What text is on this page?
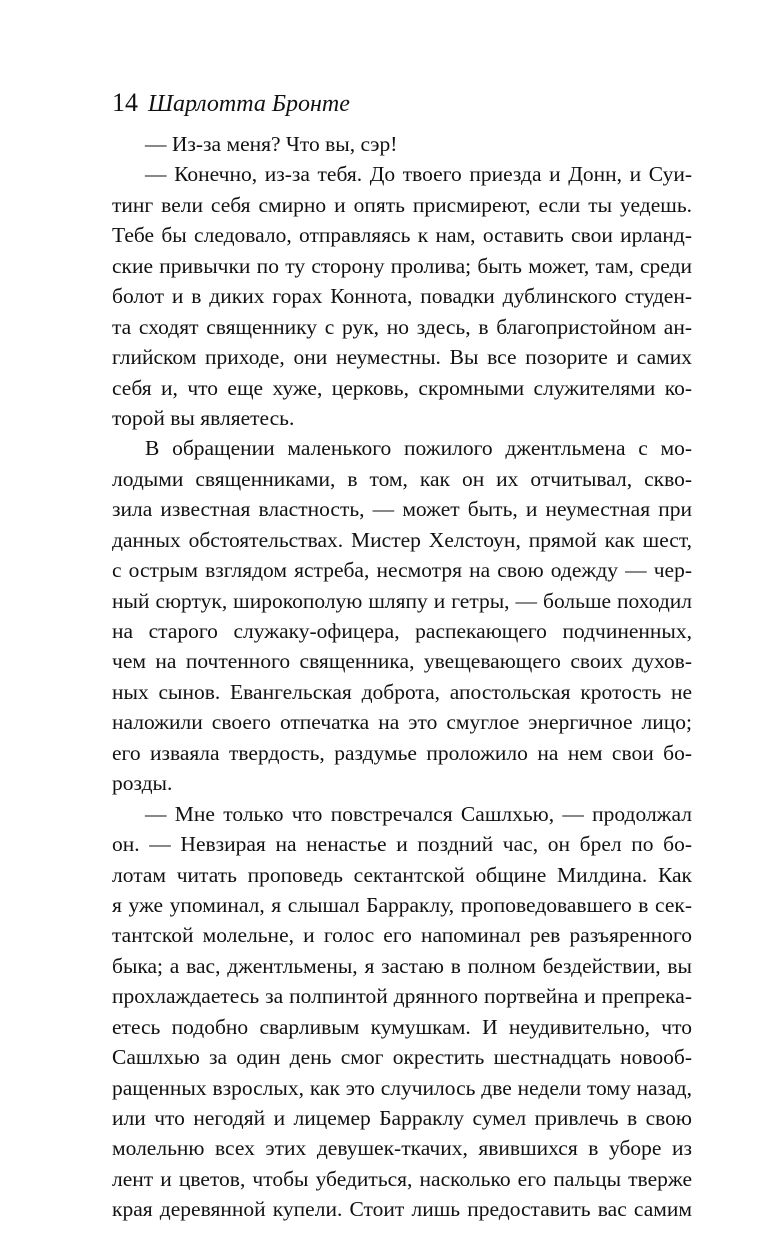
14 Шарлотта Бронте
— Из-за меня? Что вы, сэр!
— Конечно, из-за тебя. До твоего приезда и Донн, и Суи-
тинг вели себя смирно и опять присмиреют, если ты уедешь.
Тебе бы следовало, отправляясь к нам, оставить свои ирланд-
ские привычки по ту сторону пролива; быть может, там, среди
болот и в диких горах Коннота, повадки дублинского студен-
та сходят священнику с рук, но здесь, в благопристойном ан-
глийском приходе, они неуместны. Вы все позорите и самих
себя и, что еще хуже, церковь, скромными служителями ко-
торой вы являетесь.
В обращении маленького пожилого джентльмена с мо-
лодыми священниками, в том, как он их отчитывал, скво-
зила известная властность, — может быть, и неуместная при
данных обстоятельствах. Мистер Хелстоун, прямой как шест,
с острым взглядом ястреба, несмотря на свою одежду — чер-
ный сюртук, широкополую шляпу и гетры, — больше походил
на старого служаку-офицера, распекающего подчиненных,
чем на почтенного священника, увещевающего своих духов-
ных сынов. Евангельская доброта, апостольская кротость не
наложили своего отпечатка на это смуглое энергичное лицо;
его изваяла твердость, раздумье проложило на нем свои бо-
розды.
— Мне только что повстречался Сашлхью, — продолжал
он. — Невзирая на ненастье и поздний час, он брел по бо-
лотам читать проповедь сектантской общине Милдина. Как
я уже упоминал, я слышал Барраклу, проповедовавшего в сек-
тантской молельне, и голос его напоминал рев разъяренного
быка; а вас, джентльмены, я застаю в полном бездействии, вы
прохлаждаетесь за полпинтой дрянного портвейна и препрека-
етесь подобно сварливым кумушкам. И неудивительно, что
Сашлхью за один день смог окрестить шестнадцать новооб-
ращенных взрослых, как это случилось две недели тому назад,
или что негодяй и лицемер Барраклу сумел привлечь в свою
молельню всех этих девушек-ткачих, явившихся в уборе из
лент и цветов, чтобы убедиться, насколько его пальцы тверже
края деревянной купели. Стоит лишь предоставить вас самим
